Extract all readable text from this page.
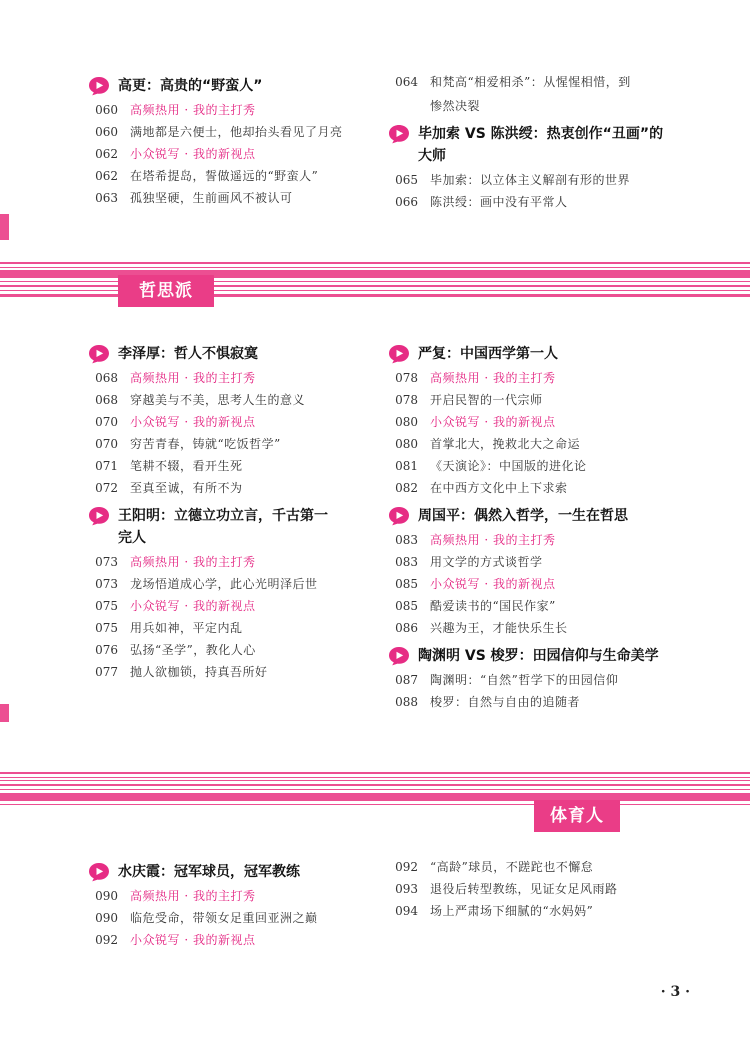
高更：高贵的“野蛮人”
060 高频热用 · 我的主打秀
060 满地都是六便士，他却抬头看见了月亮
062 小众锐写 · 我的新视点
062 在塔希提岛，誓做遥远的“野蛮人”
063 孤独坚硬，生前画风不被认可
064 和梵高“相爱相杀”：从惺惺相惜，到
惨然决裂
毕加索 VS 陈洪绶：热衷创作“丑画”的
大师
065 毕加索：以立体主义解剖有形的世界
066 陈洪绶：画中没有平常人
哲思派
李泽厚：哲人不惧寂寞
068 高频热用 · 我的主打秀
068 穿越美与不美，思考人生的意义
070 小众锐写 · 我的新视点
070 穷苦青春，铸就“吃饭哲学”
071 笔耕不辍，看开生死
072 至真至诚，有所不为
王阳明：立德立功立言，千古第一
完人
073 高频热用 · 我的主打秀
073 龙场悟道成心学，此心光明泽后世
075 小众锐写 · 我的新视点
075 用兵如神，平定内乱
076 弘扬“圣学”，教化人心
077 抛人欲枷锁，持真吾所好
严复：中国西学第一人
078 高频热用 · 我的主打秀
078 开启民智的一代宗师
080 小众锐写 · 我的新视点
080 首掌北大，挽救北大之命运
081 《天演论》：中国版的进化论
082 在中西方文化中上下求索
周国平：偶然入哲学，一生在哲思
083 高频热用 · 我的主打秀
083 用文学的方式谈哲学
085 小众锐写 · 我的新视点
085 酷爱读书的“国民作家”
086 兴趣为王，才能快乐生长
陶渊明 VS 梭罗：田园信仰与生命美学
087 陶渊明：“自然”哲学下的田园信仰
088 梭罗：自然与自由的追随者
体育人
水庆霞：冠军球员，冠军教练
090 高频热用 · 我的主打秀
090 临危受命，带领女足重回亚洲之巅
092 小众锐写 · 我的新视点
092 “高龄”球员，不蹉跎也不懈怠
093 退役后转型教练，见证女足风雨路
094 场上严肃场下细腻的“水妈妈”
· 3 ·
